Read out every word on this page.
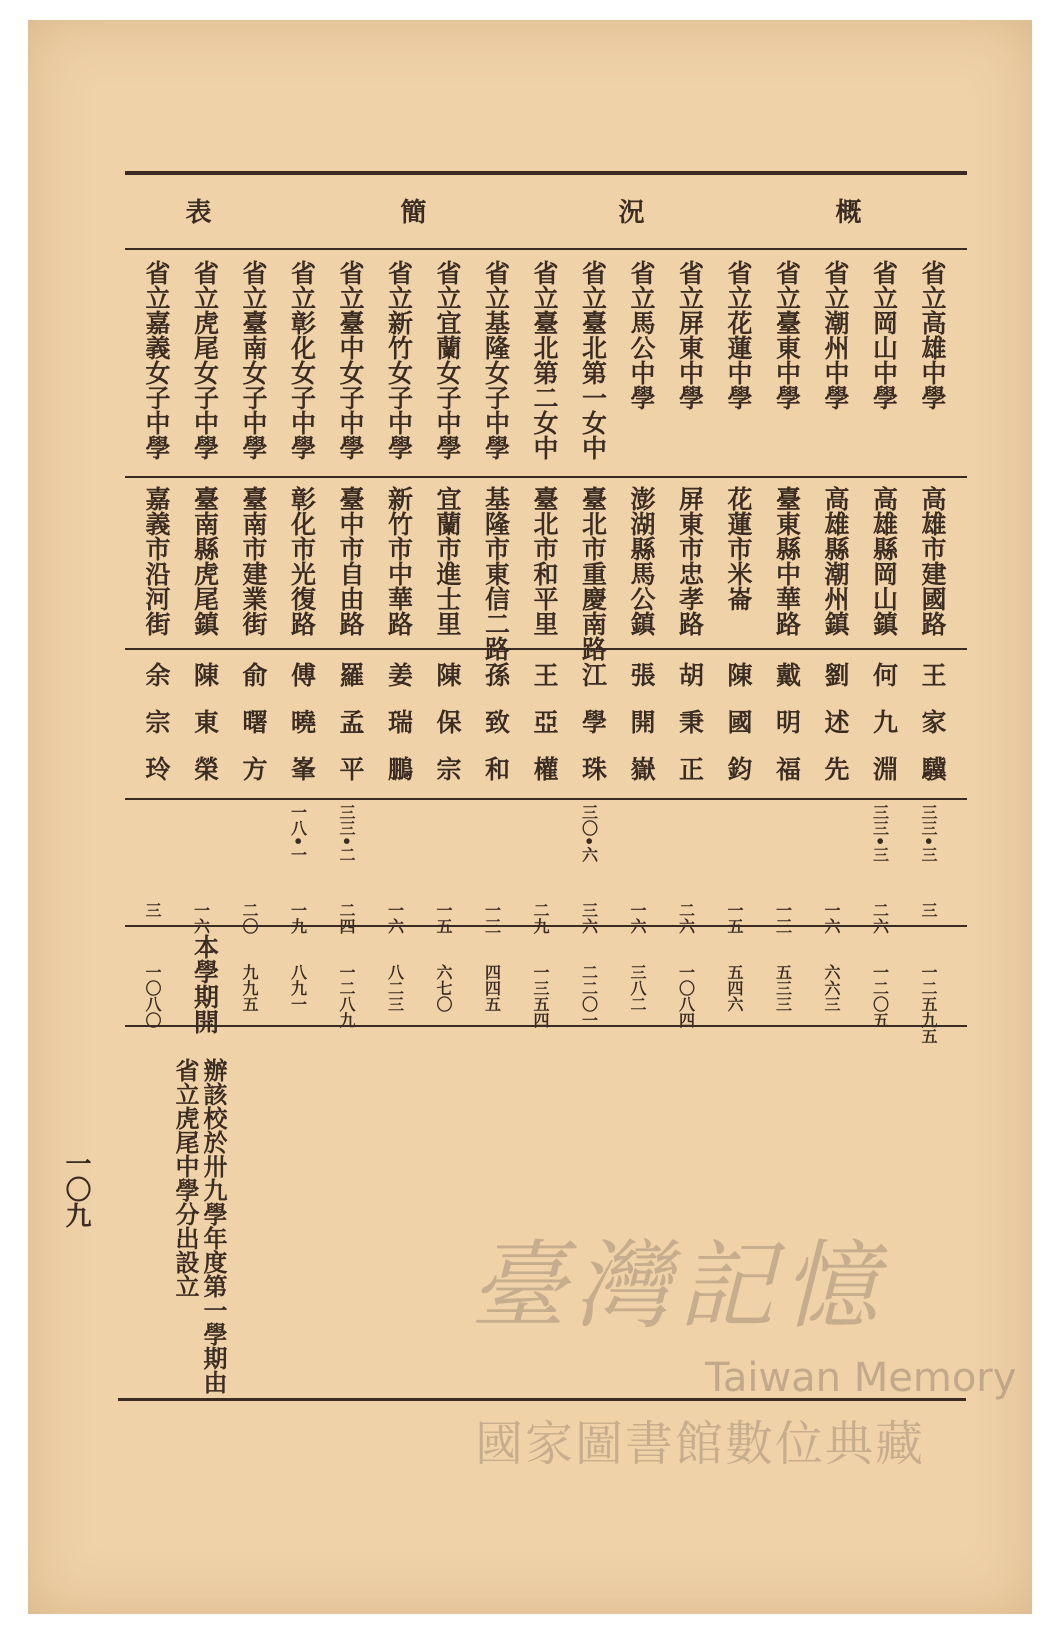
概
況
簡
表
省立高雄中學
高雄市建國路
王家驥
三三•三
三
一二五九五
省立岡山中學
高雄縣岡山鎮
何九淵
三三•三
二六
一二〇五
省立潮州中學
高雄縣潮州鎮
劉述先
一六
六六三
省立臺東中學
臺東縣中華路
戴明福
一三
五三三
省立花蓮中學
花蓮市米崙
陳國鈞
一五
五四六
省立屏東中學
屏東市忠孝路
胡秉正
二六
一〇八四
省立馬公中學
澎湖縣馬公鎮
張開嶽
一六
三八二
省立臺北第一女中
臺北市重慶南路
江學珠
三〇•六
三六
二二〇一
省立臺北第二女中
臺北市和平里
王亞權
二九
一三五四
省立基隆女子中學
基隆市東信二路
孫致和
一三
四四五
省立宜蘭女子中學
宜蘭市進士里
陳保宗
一五
六七〇
省立新竹女子中學
新竹市中華路
姜瑞鵬
一六
八二三
省立臺中女子中學
臺中市自由路
羅孟平
三三•二
二四
一二八九
省立彰化女子中學
彰化市光復路
傅曉峯
一八•一
一九
八九一
省立臺南女子中學
臺南市建業街
俞曙方
二〇
九九五
省立虎尾女子中學
臺南縣虎尾鎮
陳東榮
一六
本學期開
省立嘉義女子中學
嘉義市沿河街
余宗玲
三
一〇八〇
辦該校於卅九學年度第一學期由
省立虎尾中學分出設立
一〇九
臺灣記憶
Taiwan Memory
國家圖書館數位典藏
